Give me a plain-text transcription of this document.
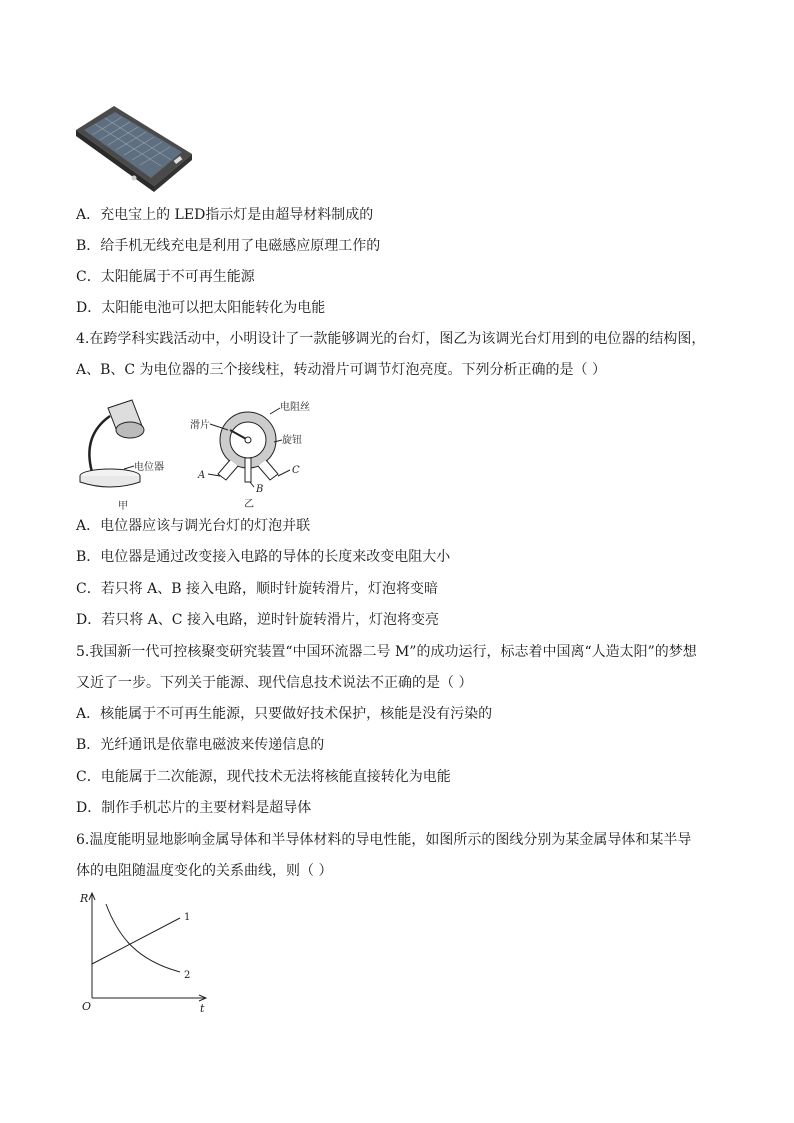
A．充电宝上的 LED指示灯是由超导材料制成的
B．给手机无线充电是利用了电磁感应原理工作的
C．太阳能属于不可再生能源
D．太阳能电池可以把太阳能转化为电能
4.在跨学科实践活动中，小明设计了一款能够调光的台灯，图乙为该调光台灯用到的电位器的结构图，
A、B、C 为电位器的三个接线柱，转动滑片可调节灯泡亮度。下列分析正确的是（ ）
电位器
甲
滑片
电阻丝
旋钮
A
B
C
乙
A．电位器应该与调光台灯的灯泡并联
B．电位器是通过改变接入电路的导体的长度来改变电阻大小
C．若只将 A、B 接入电路，顺时针旋转滑片，灯泡将变暗
D．若只将 A、C 接入电路，逆时针旋转滑片，灯泡将变亮
5.我国新一代可控核聚变研究装置“中国环流器二号 M”的成功运行，标志着中国离“人造太阳”的梦想
又近了一步。下列关于能源、现代信息技术说法不正确的是（ ）
A．核能属于不可再生能源，只要做好技术保护，核能是没有污染的
B．光纤通讯是依靠电磁波来传递信息的
C．电能属于二次能源，现代技术无法将核能直接转化为电能
D．制作手机芯片的主要材料是超导体
6.温度能明显地影响金属导体和半导体材料的导电性能，如图所示的图线分别为某金属导体和某半导
体的电阻随温度变化的关系曲线，则（ ）
R
t
O
1
2
